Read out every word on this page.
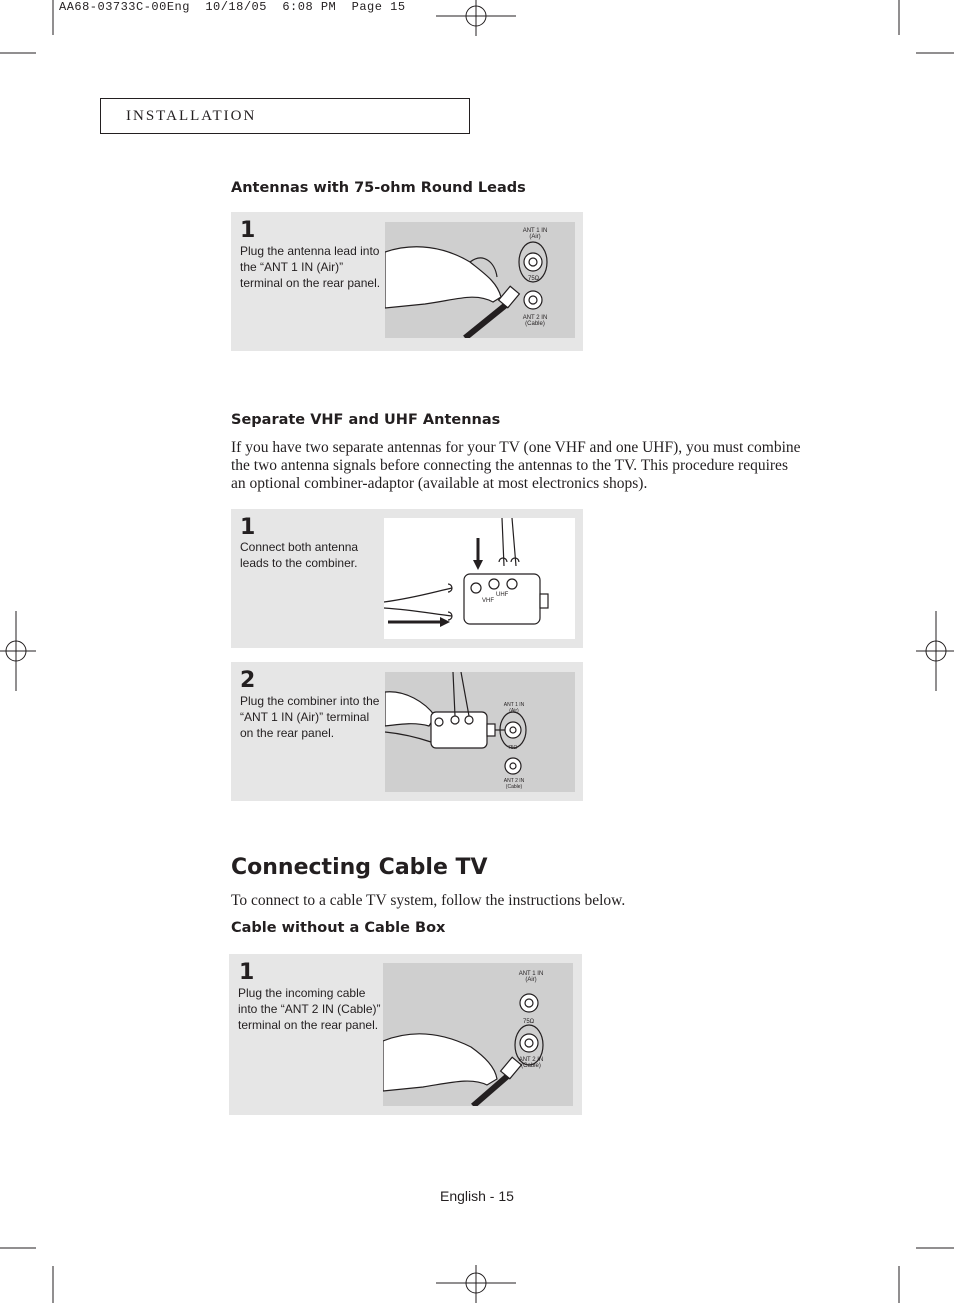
AA68-03733C-00Eng  10/18/05  6:08 PM  Page 15
INSTALLATION
Antennas with 75-ohm Round Leads
1
Plug the antenna lead into the “ANT 1 IN (Air)” terminal on the rear panel.
ANT 1 IN
(Air)
75Ω
ANT 2 IN
(Cable)
Separate VHF and UHF Antennas
If you have two separate antennas for your TV (one VHF and one UHF), you must combine the two antenna signals before connecting the antennas to the TV. This procedure requires an optional combiner-adaptor (available at most electronics shops).
1
Connect both antenna leads to the combiner.
UHF
VHF
2
Plug the combiner into the “ANT 1 IN (Air)” terminal on the rear panel.
ANT 1 IN
(Air)
75Ω
ANT 2 IN
(Cable)
Connecting Cable TV
To connect to a cable TV system, follow the instructions below.
Cable without a Cable Box
1
Plug the incoming cable into the “ANT 2 IN (Cable)” terminal on the rear panel.
ANT 1 IN
(Air)
75Ω
ANT 2 IN
(Cable)
English - 15
